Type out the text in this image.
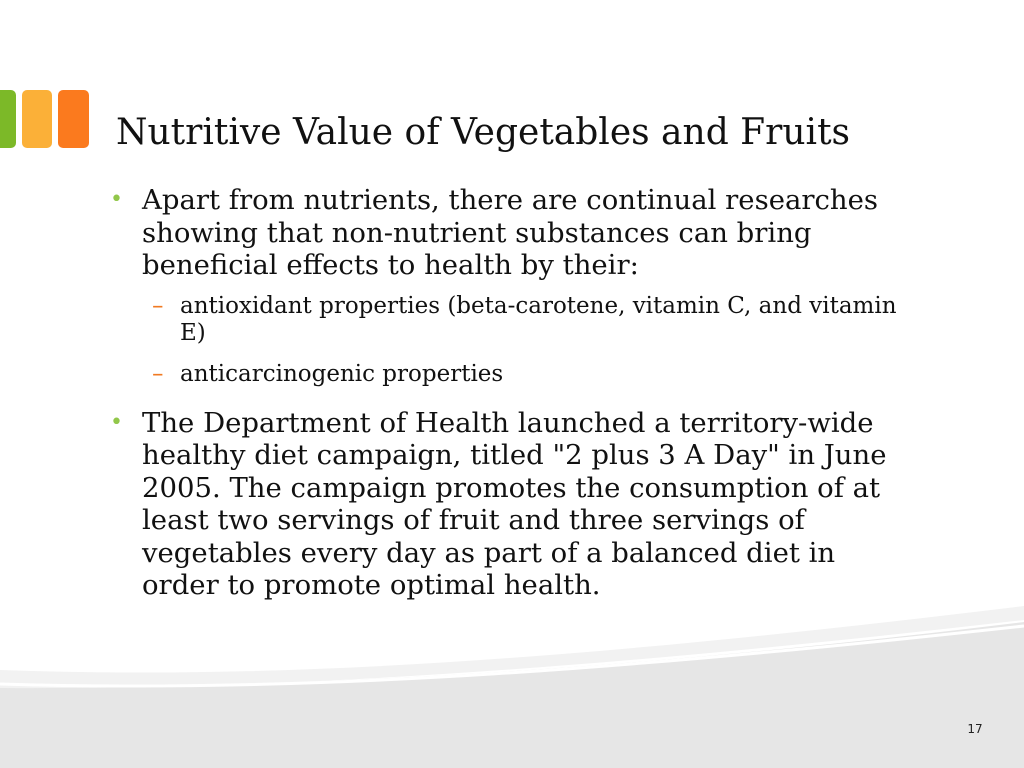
Nutritive Value of Vegetables and Fruits

• Apart from nutrients, there are continual researches showing that non-nutrient substances can bring beneficial effects to health by their:

– antioxidant properties (beta-carotene, vitamin C, and vitamin E)

– anticarcinogenic properties

• The Department of Health launched a territory-wide healthy diet campaign, titled "2 plus 3 A Day" in June 2005. The campaign promotes the consumption of at least two servings of fruit and three servings of vegetables every day as part of a balanced diet in order to promote optimal health.

17
